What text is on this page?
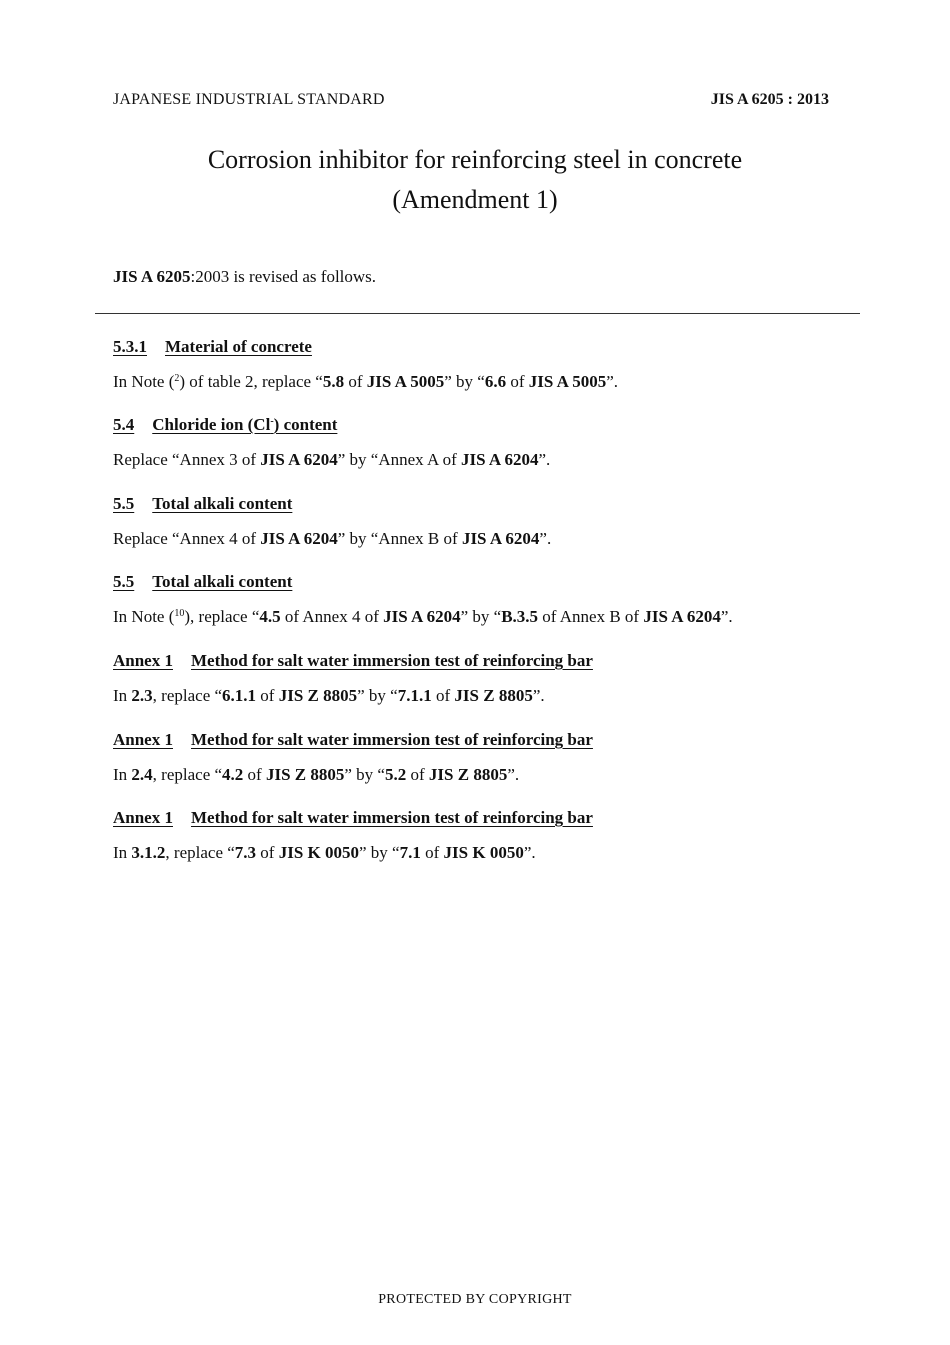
JAPANESE INDUSTRIAL STANDARD	JIS A 6205 : 2013
Corrosion inhibitor for reinforcing steel in concrete
(Amendment 1)
JIS A 6205:2003 is revised as follows.
5.3.1 Material of concrete
In Note ($^2$) of table 2, replace “5.8 of JIS A 5005” by “6.6 of JIS A 5005”.
5.4 Chloride ion (Cl-) content
Replace “Annex 3 of JIS A 6204” by “Annex A of JIS A 6204”.
5.5 Total alkali content
Replace “Annex 4 of JIS A 6204” by “Annex B of JIS A 6204”.
5.5 Total alkali content
In Note ($^{10}$), replace “4.5 of Annex 4 of JIS A 6204” by “B.3.5 of Annex B of JIS A 6204”.
Annex 1 Method for salt water immersion test of reinforcing bar
In 2.3, replace “6.1.1 of JIS Z 8805” by “7.1.1 of JIS Z 8805”.
Annex 1 Method for salt water immersion test of reinforcing bar
In 2.4, replace “4.2 of JIS Z 8805” by “5.2 of JIS Z 8805”.
Annex 1 Method for salt water immersion test of reinforcing bar
In 3.1.2, replace “7.3 of JIS K 0050” by “7.1 of JIS K 0050”.
PROTECTED BY COPYRIGHT
